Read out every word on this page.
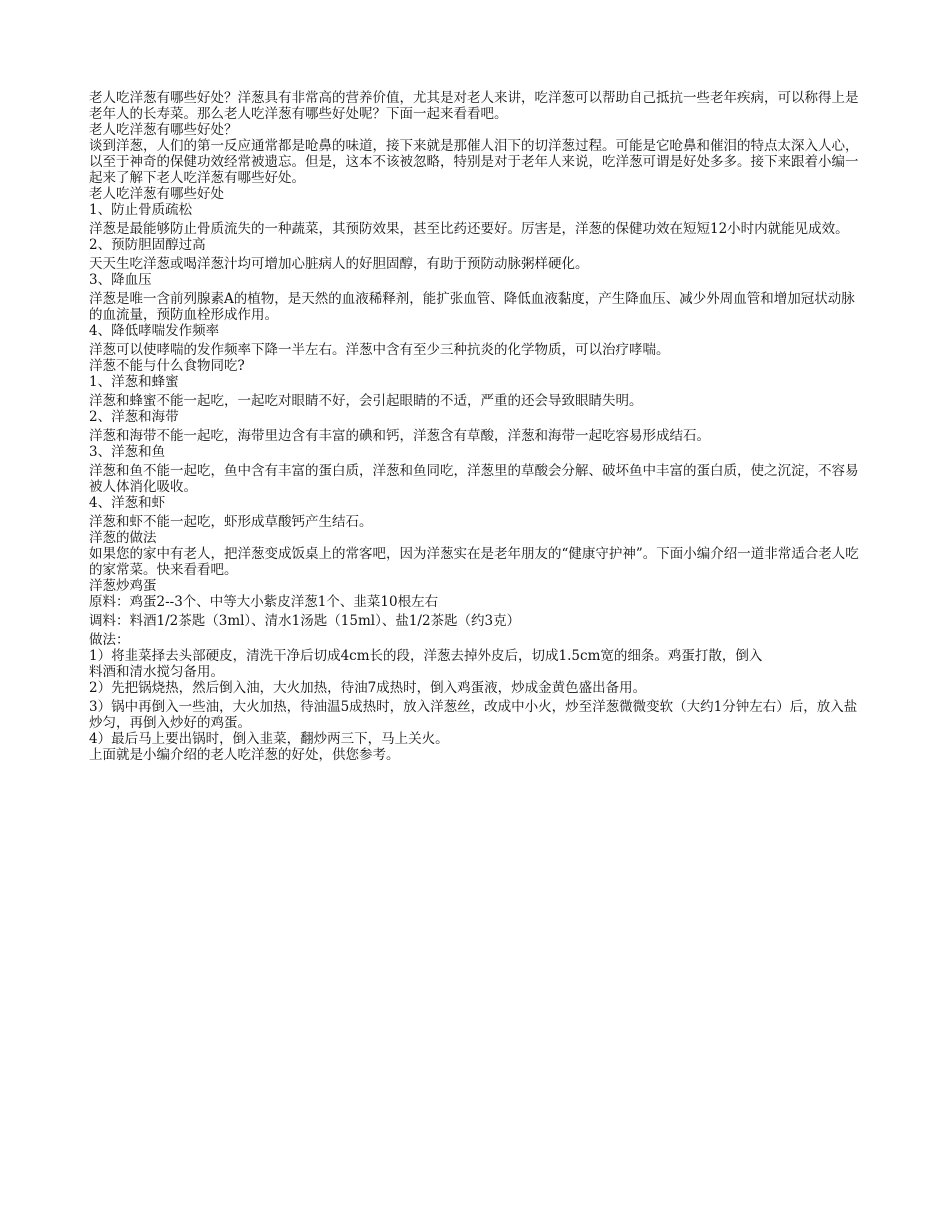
老人吃洋葱有哪些好处？洋葱具有非常高的营养价值，尤其是对老人来讲，吃洋葱可以帮助自己抵抗一些老年疾病，可以称得上是老年人的长寿菜。那么老人吃洋葱有哪些好处呢？下面一起来看看吧。

老人吃洋葱有哪些好处？

谈到洋葱，人们的第一反应通常都是呛鼻的味道，接下来就是那催人泪下的切洋葱过程。可能是它呛鼻和催泪的特点太深入人心，以至于神奇的保健功效经常被遗忘。但是，这本不该被忽略，特别是对于老年人来说，吃洋葱可谓是好处多多。接下来跟着小编一起来了解下老人吃洋葱有哪些好处。

老人吃洋葱有哪些好处

1、防止骨质疏松

洋葱是最能够防止骨质流失的一种蔬菜，其预防效果，甚至比药还要好。厉害是，洋葱的保健功效在短短12小时内就能见成效。

2、预防胆固醇过高

天天生吃洋葱或喝洋葱汁均可增加心脏病人的好胆固醇，有助于预防动脉粥样硬化。

3、降血压

洋葱是唯一含前列腺素A的植物，是天然的血液稀释剂，能扩张血管、降低血液黏度，产生降血压、减少外周血管和增加冠状动脉的血流量，预防血栓形成作用。

4、降低哮喘发作频率

洋葱可以使哮喘的发作频率下降一半左右。洋葱中含有至少三种抗炎的化学物质，可以治疗哮喘。

洋葱不能与什么食物同吃?

1、洋葱和蜂蜜

洋葱和蜂蜜不能一起吃，一起吃对眼睛不好，会引起眼睛的不适，严重的还会导致眼睛失明。

2、洋葱和海带

洋葱和海带不能一起吃，海带里边含有丰富的碘和钙，洋葱含有草酸，洋葱和海带一起吃容易形成结石。

3、洋葱和鱼

洋葱和鱼不能一起吃，鱼中含有丰富的蛋白质，洋葱和鱼同吃，洋葱里的草酸会分解、破坏鱼中丰富的蛋白质，使之沉淀，不容易被人体消化吸收。

4、洋葱和虾

洋葱和虾不能一起吃，虾形成草酸钙产生结石。

洋葱的做法

如果您的家中有老人，把洋葱变成饭桌上的常客吧，因为洋葱实在是老年朋友的“健康守护神”。下面小编介绍一道非常适合老人吃的家常菜。快来看看吧。

洋葱炒鸡蛋

原料：鸡蛋2--3个、中等大小紫皮洋葱1个、韭菜10根左右

调料：料酒1/2茶匙（3ml）、清水1汤匙（15ml）、盐1/2茶匙（约3克）

做法：

1）将韭菜择去头部硬皮，清洗干净后切成4cm长的段，洋葱去掉外皮后，切成1.5cm宽的细条。鸡蛋打散，倒入

料酒和清水搅匀备用。

2）先把锅烧热，然后倒入油，大火加热，待油7成热时，倒入鸡蛋液，炒成金黄色盛出备用。

3）锅中再倒入一些油，大火加热，待油温5成热时，放入洋葱丝，改成中小火，炒至洋葱微微变软（大约1分钟左右）后，放入盐炒匀，再倒入炒好的鸡蛋。

4）最后马上要出锅时，倒入韭菜，翻炒两三下，马上关火。

上面就是小编介绍的老人吃洋葱的好处，供您参考。
